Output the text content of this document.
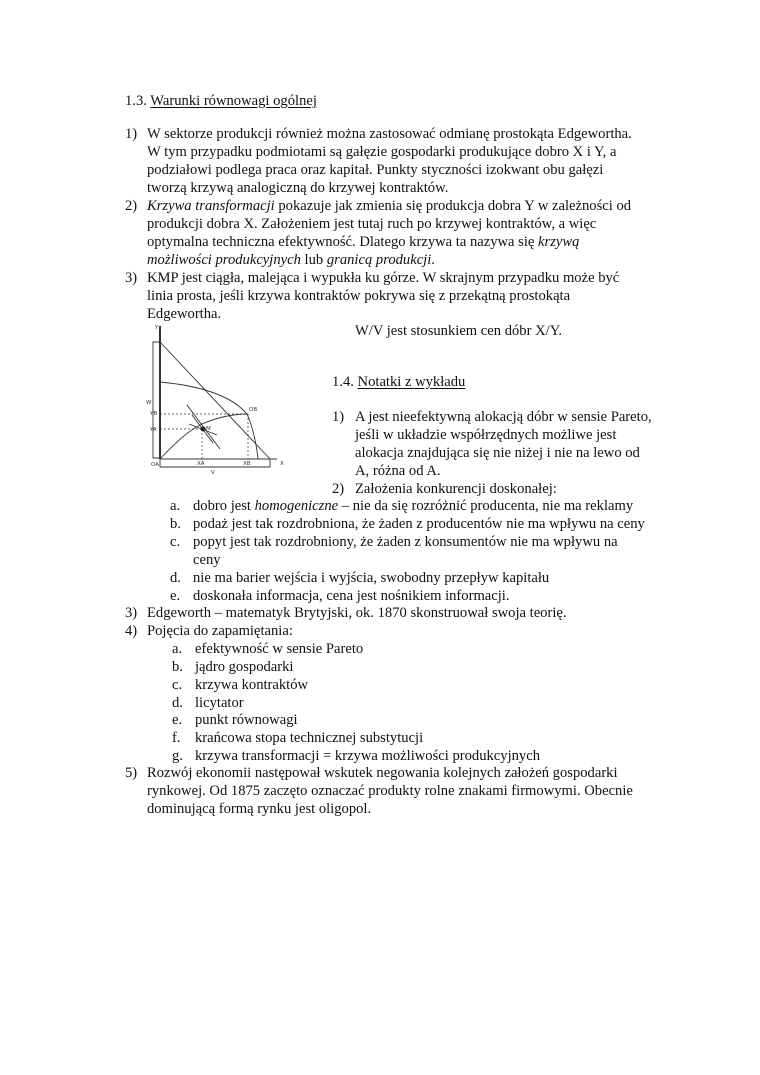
1.3. Warunki równowagi ogólnej
1) W sektorze produkcji również można zastosować odmianę prostokąta Edgewortha.
W tym przypadku podmiotami są gałęzie gospodarki produkujące dobro X i Y, a
podziałowi podlega praca oraz kapitał. Punkty styczności izokwant obu gałęzi
tworzą krzywą analogiczną do krzywej kontraktów.
2) Krzywa transformacji pokazuje jak zmienia się produkcja dobra Y w zależności od
produkcji dobra X. Założeniem jest tutaj ruch po krzywej kontraktów, a więc
optymalna techniczna efektywność. Dlatego krzywa ta nazywa się krzywą
możliwości produkcyjnych lub granicą produkcji.
3) KMP jest ciągła, malejąca i wypukła ku górze. W skrajnym przypadku może być
linia prosta, jeśli krzywa kontraktów pokrywa się z przekątną prostokąta
Edgewortha.
W/V jest stosunkiem cen dóbr X/Y.
Y
W
YB
YA	M
OB
OA	XA	XB	X
V
1.4. Notatki z wykładu
1) A jest nieefektywną alokacją dóbr w sensie Pareto,
jeśli w układzie współrzędnych możliwe jest
alokacja znajdująca się nie niżej i nie na lewo od
A, różna od A.
2) Założenia konkurencji doskonałej:
a. dobro jest homogeniczne – nie da się rozróżnić producenta, nie ma reklamy
b. podaż jest tak rozdrobniona, że żaden z producentów nie ma wpływu na ceny
c. popyt jest tak rozdrobniony, że żaden z konsumentów nie ma wpływu na
ceny
d. nie ma barier wejścia i wyjścia, swobodny przepływ kapitału
e. doskonała informacja, cena jest nośnikiem informacji.
3) Edgeworth – matematyk Brytyjski, ok. 1870 skonstruował swoja teorię.
4) Pojęcia do zapamiętania:
a. efektywność w sensie Pareto
b. jądro gospodarki
c. krzywa kontraktów
d. licytator
e. punkt równowagi
f. krańcowa stopa technicznej substytucji
g. krzywa transformacji = krzywa możliwości produkcyjnych
5) Rozwój ekonomii następował wskutek negowania kolejnych założeń gospodarki
rynkowej. Od 1875 zaczęto oznaczać produkty rolne znakami firmowymi. Obecnie
dominującą formą rynku jest oligopol.
